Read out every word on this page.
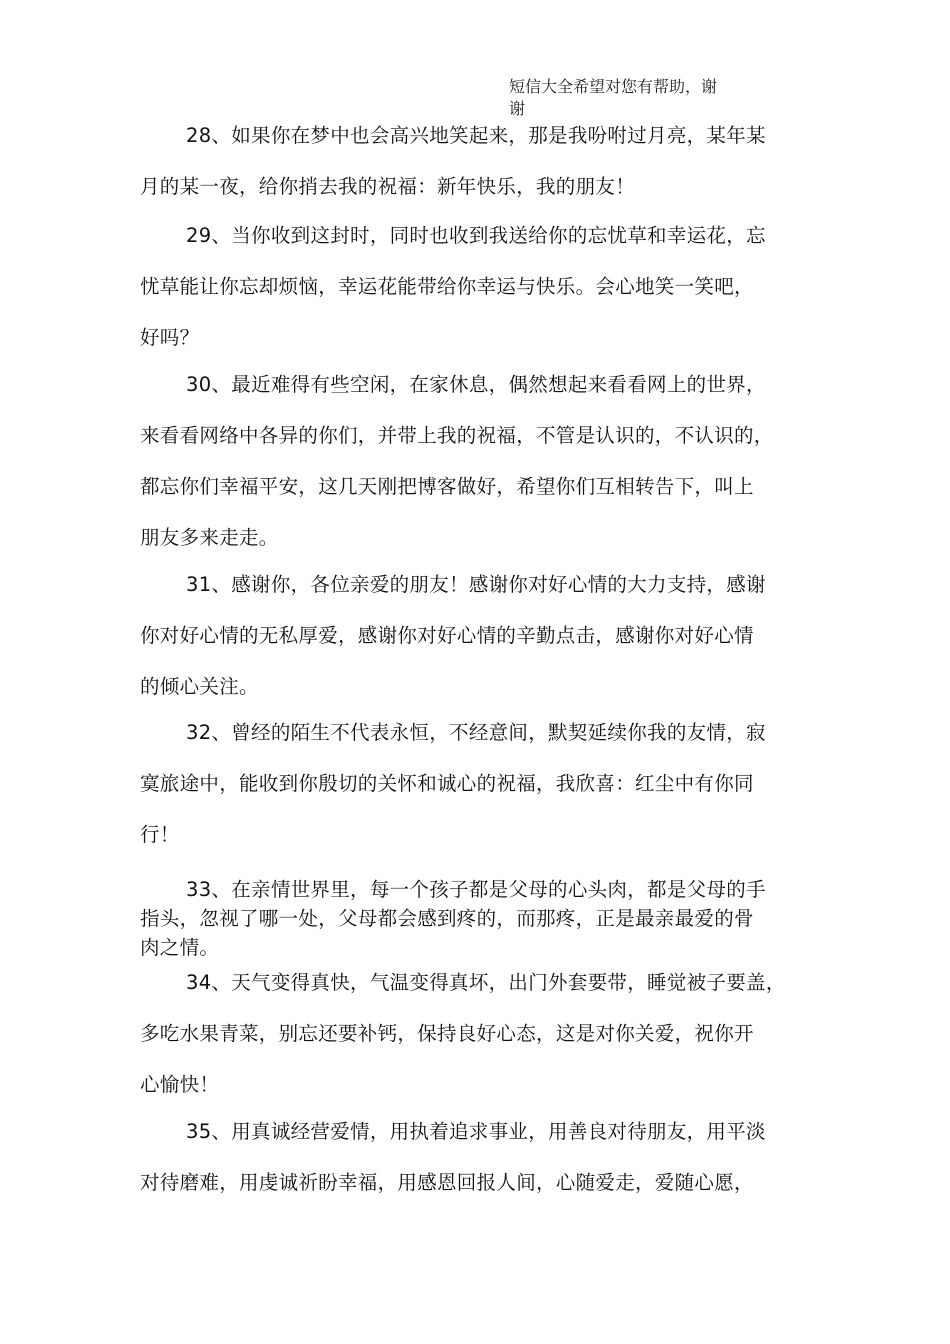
短信大全希望对您有帮助，谢
谢
28、如果你在梦中也会高兴地笑起来，那是我吩咐过月亮，某年某
月的某一夜，给你捎去我的祝福：新年快乐，我的朋友！
29、当你收到这封时，同时也收到我送给你的忘忧草和幸运花，忘
忧草能让你忘却烦恼，幸运花能带给你幸运与快乐。会心地笑一笑吧，
好吗？
30、最近难得有些空闲，在家休息，偶然想起来看看网上的世界，
来看看网络中各异的你们，并带上我的祝福，不管是认识的，不认识的，
都忘你们幸福平安，这几天刚把博客做好，希望你们互相转告下，叫上
朋友多来走走。
31、感谢你，各位亲爱的朋友！感谢你对好心情的大力支持，感谢
你对好心情的无私厚爱，感谢你对好心情的辛勤点击，感谢你对好心情
的倾心关注。
32、曾经的陌生不代表永恒，不经意间，默契延续你我的友情，寂
寞旅途中，能收到你殷切的关怀和诚心的祝福，我欣喜：红尘中有你同
行！
33、在亲情世界里，每一个孩子都是父母的心头肉，都是父母的手
指头，忽视了哪一处，父母都会感到疼的，而那疼，正是最亲最爱的骨
肉之情。
34、天气变得真快，气温变得真坏，出门外套要带，睡觉被子要盖，
多吃水果青菜，别忘还要补钙，保持良好心态，这是对你关爱，祝你开
心愉快！
35、用真诚经营爱情，用执着追求事业，用善良对待朋友，用平淡
对待磨难，用虔诚祈盼幸福，用感恩回报人间，心随爱走，爱随心愿，
